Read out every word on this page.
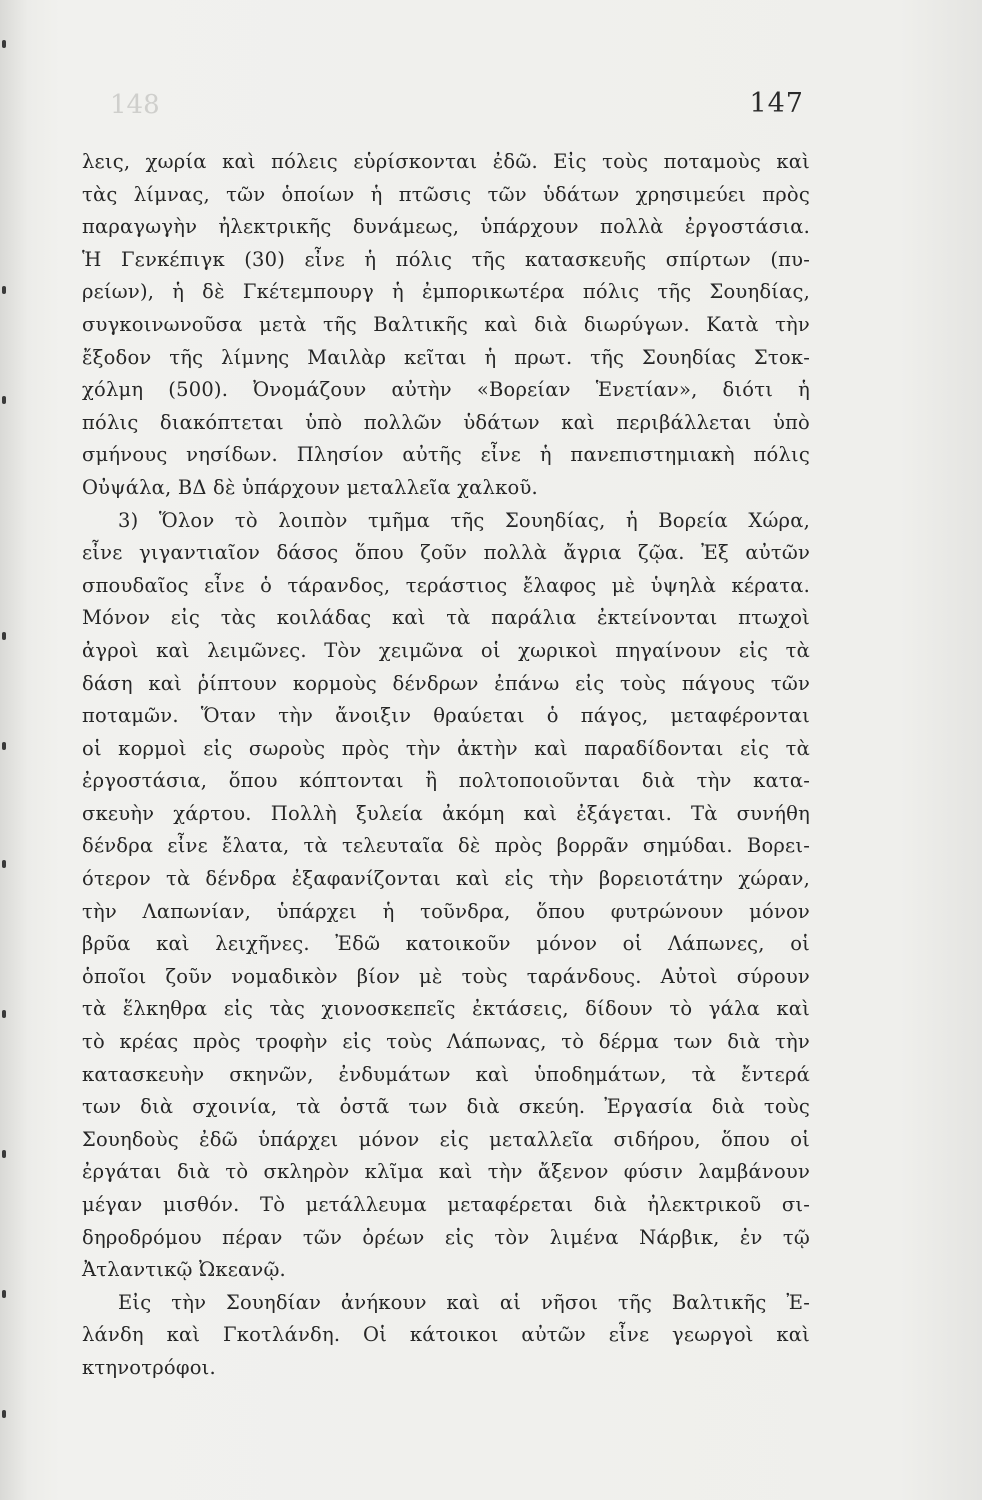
148	147
λεις, χωρία καὶ πόλεις εὑρίσκονται ἐδῶ. Εἰς τοὺς ποταμοὺς καὶ
τὰς λίμνας, τῶν ὁποίων ἡ πτῶσις τῶν ὑδάτων χρησιμεύει πρὸς
παραγωγὴν ἠλεκτρικῆς δυνάμεως, ὑπάρχουν πολλὰ ἐργοστάσια.
Ἡ Γενκέπιγκ (30) εἶνε ἡ πόλις τῆς κατασκευῆς σπίρτων (πυ-
ρείων), ἡ δὲ Γκέτεμπουργ ἡ ἐμπορικωτέρα πόλις τῆς Σουηδίας,
συγκοινωνοῦσα μετὰ τῆς Βαλτικῆς καὶ διὰ διωρύγων. Κατὰ τὴν
ἔξοδον τῆς λίμνης Μαιλὰρ κεῖται ἡ πρωτ. τῆς Σουηδίας Στοκ-
χόλμη (500). Ὀνομάζουν αὐτὴν «Βορείαν Ἑνετίαν», διότι ἡ
πόλις διακόπτεται ὑπὸ πολλῶν ὑδάτων καὶ περιβάλλεται ὑπὸ
σμήνους νησίδων. Πλησίον αὐτῆς εἶνε ἡ πανεπιστημιακὴ πόλις
Οὐψάλα, ΒΔ δὲ ὑπάρχουν μεταλλεῖα χαλκοῦ.
3) Ὅλον τὸ λοιπὸν τμῆμα τῆς Σουηδίας, ἡ Βορεία Χώρα,
εἶνε γιγαντιαῖον δάσος ὅπου ζοῦν πολλὰ ἄγρια ζῷα. Ἐξ αὐτῶν
σπουδαῖος εἶνε ὁ τάρανδος, τεράστιος ἔλαφος μὲ ὑψηλὰ κέρατα.
Μόνον εἰς τὰς κοιλάδας καὶ τὰ παράλια ἐκτείνονται πτωχοὶ
ἀγροὶ καὶ λειμῶνες. Τὸν χειμῶνα οἱ χωρικοὶ πηγαίνουν εἰς τὰ
δάση καὶ ῥίπτουν κορμοὺς δένδρων ἐπάνω εἰς τοὺς πάγους τῶν
ποταμῶν. Ὅταν τὴν ἄνοιξιν θραύεται ὁ πάγος, μεταφέρονται
οἱ κορμοὶ εἰς σωροὺς πρὸς τὴν ἀκτὴν καὶ παραδίδονται εἰς τὰ
ἐργοστάσια, ὅπου κόπτονται ἢ πολτοποιοῦνται διὰ τὴν κατα-
σκευὴν χάρτου. Πολλὴ ξυλεία ἀκόμη καὶ ἐξάγεται. Τὰ συνήθη
δένδρα εἶνε ἔλατα, τὰ τελευταῖα δὲ πρὸς βορρᾶν σημύδαι. Βορει-
ότερον τὰ δένδρα ἐξαφανίζονται καὶ εἰς τὴν βορειοτάτην χώραν,
τὴν Λαπωνίαν, ὑπάρχει ἡ τοῦνδρα, ὅπου φυτρώνουν μόνον
βρῦα καὶ λειχῆνες. Ἐδῶ κατοικοῦν μόνον οἱ Λάπωνες, οἱ
ὁποῖοι ζοῦν νομαδικὸν βίον μὲ τοὺς ταράνδους. Αὐτοὶ σύρουν
τὰ ἕλκηθρα εἰς τὰς χιονοσκεπεῖς ἐκτάσεις, δίδουν τὸ γάλα καὶ
τὸ κρέας πρὸς τροφὴν εἰς τοὺς Λάπωνας, τὸ δέρμα των διὰ τὴν
κατασκευὴν σκηνῶν, ἐνδυμάτων καὶ ὑποδημάτων, τὰ ἔντερά
των διὰ σχοινία, τὰ ὀστᾶ των διὰ σκεύη. Ἐργασία διὰ τοὺς
Σουηδοὺς ἐδῶ ὑπάρχει μόνον εἰς μεταλλεῖα σιδήρου, ὅπου οἱ
ἐργάται διὰ τὸ σκληρὸν κλῖμα καὶ τὴν ἄξενον φύσιν λαμβάνουν
μέγαν μισθόν. Τὸ μετάλλευμα μεταφέρεται διὰ ἠλεκτρικοῦ σι-
δηροδρόμου πέραν τῶν ὀρέων εἰς τὸν λιμένα Νάρβικ, ἐν τῷ
Ἀτλαντικῷ Ὠκεανῷ.
Εἰς τὴν Σουηδίαν ἀνήκουν καὶ αἱ νῆσοι τῆς Βαλτικῆς Ἐ-
λάνδη καὶ Γκοτλάνδη. Οἱ κάτοικοι αὐτῶν εἶνε γεωργοὶ καὶ
κτηνοτρόφοι.
